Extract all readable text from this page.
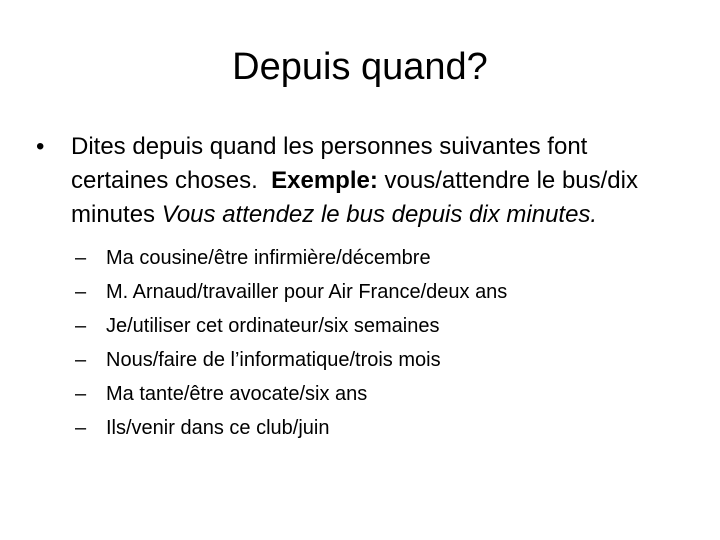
Depuis quand?
•	Dites depuis quand les personnes suivantes font certaines choses. Exemple: vous/attendre le bus/dix minutes Vous attendez le bus depuis dix minutes.
– Ma cousine/être infirmière/décembre
– M. Arnaud/travailler pour Air France/deux ans
– Je/utiliser cet ordinateur/six semaines
– Nous/faire de l’informatique/trois mois
– Ma tante/être avocate/six ans
– Ils/venir dans ce club/juin
